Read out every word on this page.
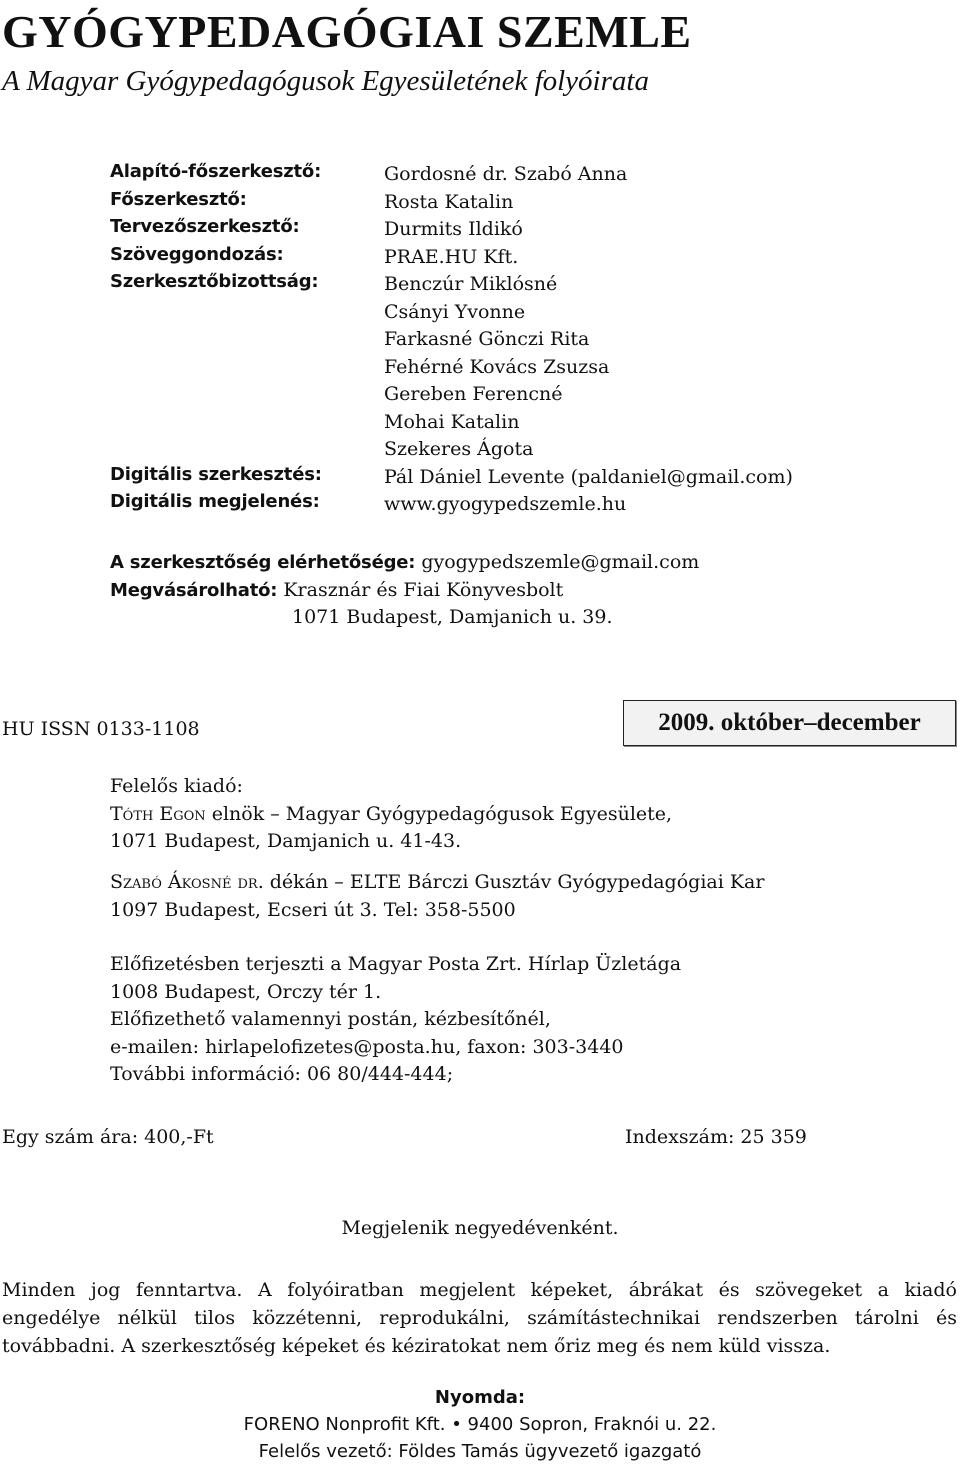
GYÓGYPEDAGÓGIAI SZEMLE
A Magyar Gyógypedagógusok Egyesületének folyóirata
Alapító-főszerkesztő:
Főszerkesztő:
Tervezőszerkesztő:
Szöveggondozás:
Szerkesztőbizottság:
Digitális szerkesztés:
Digitális megjelenés:
Gordosné dr. Szabó Anna
Rosta Katalin
Durmits Ildikó
PRAE.HU Kft.
Benczúr Miklósné
Csányi Yvonne
Farkasné Gönczi Rita
Fehérné Kovács Zsuzsa
Gereben Ferencné
Mohai Katalin
Szekeres Ágota
Pál Dániel Levente (paldaniel@gmail.com)
www.gyogypedszemle.hu
A szerkesztőség elérhetősége: gyogypedszemle@gmail.com
Megvásárolható: Krasznár és Fiai Könyvesbolt
1071 Budapest, Damjanich u. 39.
HU ISSN 0133-1108	2009. október–december
Felelős kiadó:
Tóth Egon elnök – Magyar Gyógypedagógusok Egyesülete,
1071 Budapest, Damjanich u. 41-43.
Szabó Ákosné dr. dékán – ELTE Bárczi Gusztáv Gyógypedagógiai Kar
1097 Budapest, Ecseri út 3. Tel: 358-5500
Előfizetésben terjeszti a Magyar Posta Zrt. Hírlap Üzletága
1008 Budapest, Orczy tér 1.
Előfizethető valamennyi postán, kézbesítőnél,
e-mailen: hirlapelofizetes@posta.hu, faxon: 303-3440
További információ: 06 80/444-444;
Egy szám ára: 400,-Ft	Indexszám: 25 359
Megjelenik negyedévenként.
Minden jog fenntartva. A folyóiratban megjelent képeket, ábrákat és szövegeket a kiadó engedélye nélkül tilos közzétenni, reprodukálni, számítástechnikai rendszerben tárolni és továbbadni. A szerkesztőség képeket és kéziratokat nem őriz meg és nem küld vissza.
Nyomda:
FORENO Nonprofit Kft. • 9400 Sopron, Fraknói u. 22.
Felelős vezető: Földes Tamás ügyvezető igazgató
